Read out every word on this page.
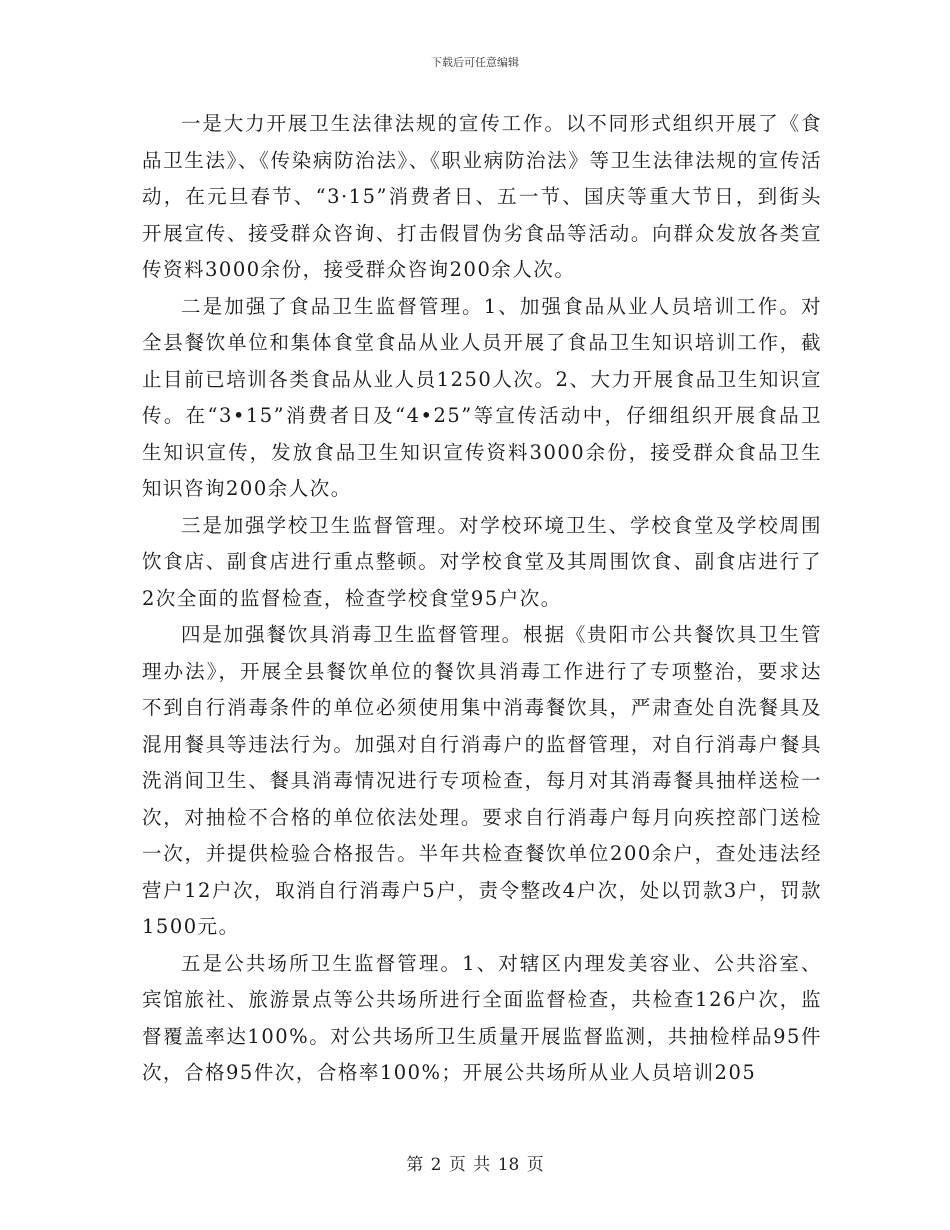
下载后可任意编辑

一是大力开展卫生法律法规的宣传工作。以不同形式组织开展了《食品卫生法》、《传染病防治法》、《职业病防治法》等卫生法律法规的宣传活动，在元旦春节、“3·15”消费者日、五一节、国庆等重大节日，到街头开展宣传、接受群众咨询、打击假冒伪劣食品等活动。向群众发放各类宣传资料3000余份，接受群众咨询200余人次。

二是加强了食品卫生监督管理。1、加强食品从业人员培训工作。对全县餐饮单位和集体食堂食品从业人员开展了食品卫生知识培训工作，截止目前已培训各类食品从业人员1250人次。2、大力开展食品卫生知识宣传。在“3•15”消费者日及“4•25”等宣传活动中，仔细组织开展食品卫生知识宣传，发放食品卫生知识宣传资料3000余份，接受群众食品卫生知识咨询200余人次。

三是加强学校卫生监督管理。对学校环境卫生、学校食堂及学校周围饮食店、副食店进行重点整顿。对学校食堂及其周围饮食、副食店进行了2次全面的监督检查，检查学校食堂95户次。

四是加强餐饮具消毒卫生监督管理。根据《贵阳市公共餐饮具卫生管理办法》，开展全县餐饮单位的餐饮具消毒工作进行了专项整治，要求达不到自行消毒条件的单位必须使用集中消毒餐饮具，严肃查处自洗餐具及混用餐具等违法行为。加强对自行消毒户的监督管理，对自行消毒户餐具洗消间卫生、餐具消毒情况进行专项检查，每月对其消毒餐具抽样送检一次，对抽检不合格的单位依法处理。要求自行消毒户每月向疾控部门送检一次，并提供检验合格报告。半年共检查餐饮单位200余户，查处违法经营户12户次，取消自行消毒户5户，责令整改4户次，处以罚款3户，罚款1500元。

五是公共场所卫生监督管理。1、对辖区内理发美容业、公共浴室、宾馆旅社、旅游景点等公共场所进行全面监督检查，共检查126户次，监督覆盖率达100%。对公共场所卫生质量开展监督监测，共抽检样品95件次，合格95件次，合格率100%；开展公共场所从业人员培训205

第 2 页 共 18 页
